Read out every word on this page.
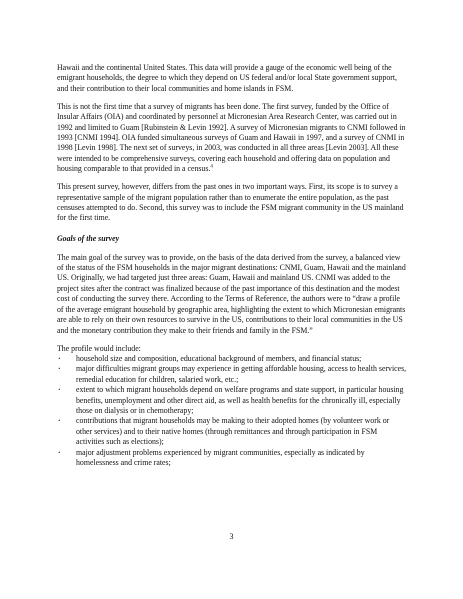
Hawaii and the continental United States. This data will provide a gauge of the economic well being of the emigrant households, the degree to which they depend on US federal and/or local State government support, and their contribution to their local communities and home islands in FSM.

This is not the first time that a survey of migrants has been done. The first survey, funded by the Office of Insular Affairs (OIA) and coordinated by personnel at Micronesian Area Research Center, was carried out in 1992 and limited to Guam [Rubinstein & Levin 1992]. A survey of Micronesian migrants to CNMI followed in 1993 [CNMI 1994]. OIA funded simultaneous surveys of Guam and Hawaii in 1997, and a survey of CNMI in 1998 [Levin 1998]. The next set of surveys, in 2003, was conducted in all three areas [Levin 2003]. All these were intended to be comprehensive surveys, covering each household and offering data on population and housing comparable to that provided in a census.$^4$

This present survey, however, differs from the past ones in two important ways. First, its scope is to survey a representative sample of the migrant population rather than to enumerate the entire population, as the past censuses attempted to do. Second, this survey was to include the FSM migrant community in the US mainland for the first time.

Goals of the survey

The main goal of the survey was to provide, on the basis of the data derived from the survey, a balanced view of the status of the FSM households in the major migrant destinations: CNMI, Guam, Hawaii and the mainland US. Originally, we had targeted just three areas: Guam, Hawaii and mainland US. CNMI was added to the project sites after the contract was finalized because of the past importance of this destination and the modest cost of conducting the survey there. According to the Terms of Reference, the authors were to “draw a profile of the average emigrant household by geographic area, highlighting the extent to which Micronesian emigrants are able to rely on their own resources to survive in the US, contributions to their local communities in the US and the monetary contribution they make to their friends and family in the FSM.”

The profile would include:

· household size and composition, educational background of members, and financial status;
· major difficulties migrant groups may experience in getting affordable housing, access to health services, remedial education for children, salaried work, etc.;
· extent to which migrant households depend on welfare programs and state support, in particular housing benefits, unemployment and other direct aid, as well as health benefits for the chronically ill, especially those on dialysis or in chemotherapy;
· contributions that migrant households may be making to their adopted homes (by volunteer work or other services) and to their native homes (through remittances and through participation in FSM activities such as elections);
· major adjustment problems experienced by migrant communities, especially as indicated by homelessness and crime rates;
3
